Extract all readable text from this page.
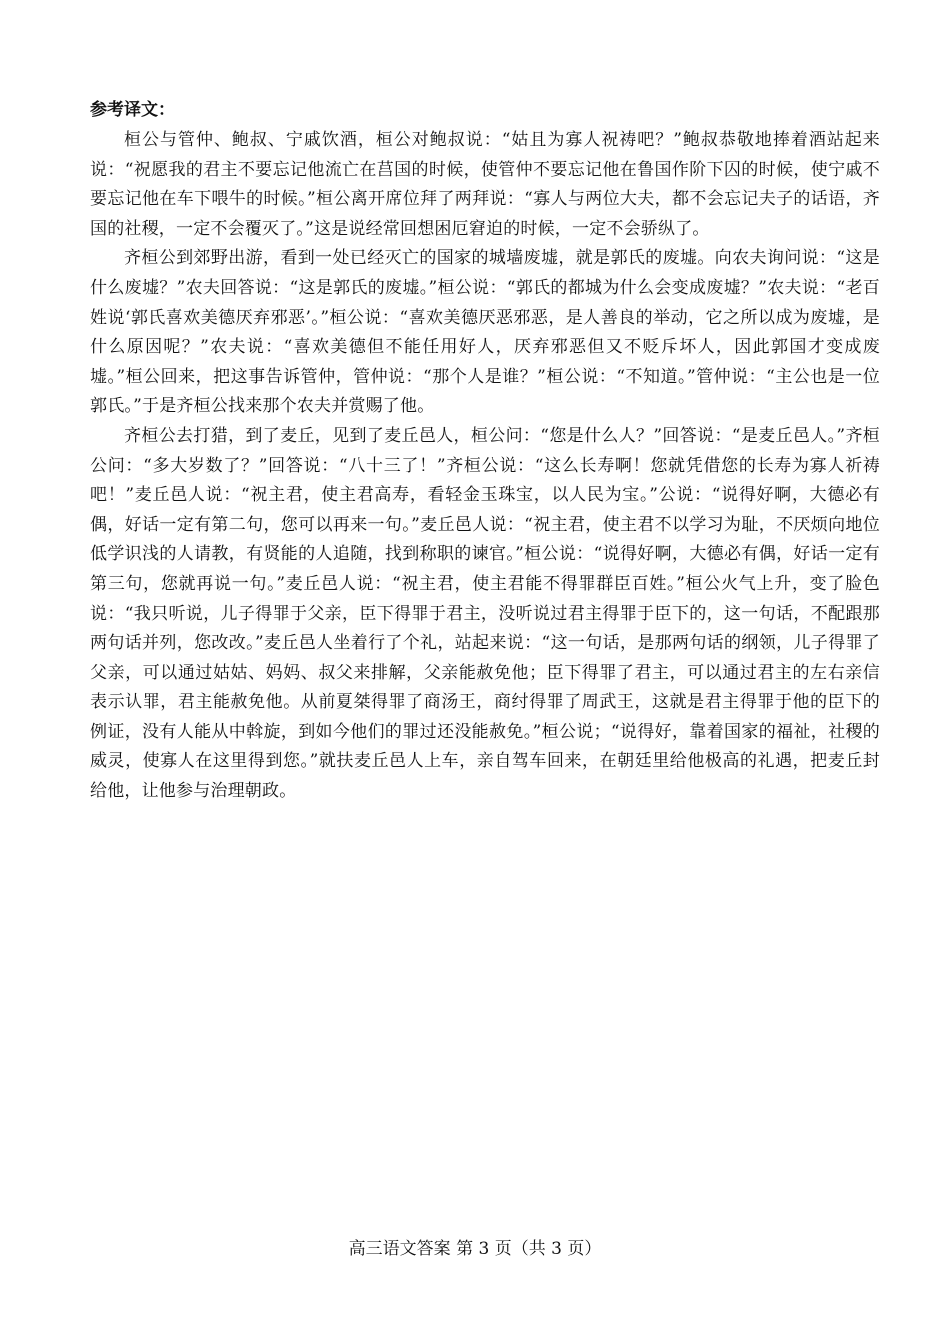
参考译文：

桓公与管仲、鲍叔、宁戚饮酒，桓公对鲍叔说：“姑且为寡人祝祷吧？”鲍叔恭敬地捧着酒站起来说：“祝愿我的君主不要忘记他流亡在莒国的时候，使管仲不要忘记他在鲁国作阶下囚的时候，使宁戚不要忘记他在车下喂牛的时候。”桓公离开席位拜了两拜说：“寡人与两位大夫，都不会忘记夫子的话语，齐国的社稷，一定不会覆灭了。”这是说经常回想困厄窘迫的时候，一定不会骄纵了。

齐桓公到郊野出游，看到一处已经灭亡的国家的城墙废墟，就是郭氏的废墟。向农夫询问说：“这是什么废墟？”农夫回答说：“这是郭氏的废墟。”桓公说：“郭氏的都城为什么会变成废墟？”农夫说：“老百姓说‘郭氏喜欢美德厌弃邪恶’。”桓公说：“喜欢美德厌恶邪恶，是人善良的举动，它之所以成为废墟，是什么原因呢？”农夫说：“喜欢美德但不能任用好人，厌弃邪恶但又不贬斥坏人，因此郭国才变成废墟。”桓公回来，把这事告诉管仲，管仲说：“那个人是谁？”桓公说：“不知道。”管仲说：“主公也是一位郭氏。”于是齐桓公找来那个农夫并赏赐了他。

齐桓公去打猎，到了麦丘，见到了麦丘邑人，桓公问：“您是什么人？”回答说：“是麦丘邑人。”齐桓公问：“多大岁数了？”回答说：“八十三了！”齐桓公说：“这么长寿啊！您就凭借您的长寿为寡人祈祷吧！”麦丘邑人说：“祝主君，使主君高寿，看轻金玉珠宝，以人民为宝。”公说：“说得好啊，大德必有偶，好话一定有第二句，您可以再来一句。”麦丘邑人说：“祝主君，使主君不以学习为耻，不厌烦向地位低学识浅的人请教，有贤能的人追随，找到称职的谏官。”桓公说：“说得好啊，大德必有偶，好话一定有第三句，您就再说一句。”麦丘邑人说：“祝主君，使主君能不得罪群臣百姓。”桓公火气上升，变了脸色说：“我只听说，儿子得罪于父亲，臣下得罪于君主，没听说过君主得罪于臣下的，这一句话，不配跟那两句话并列，您改改。”麦丘邑人坐着行了个礼，站起来说：“这一句话，是那两句话的纲领，儿子得罪了父亲，可以通过姑姑、妈妈、叔父来排解，父亲能赦免他；臣下得罪了君主，可以通过君主的左右亲信表示认罪，君主能赦免他。从前夏桀得罪了商汤王，商纣得罪了周武王，这就是君主得罪于他的臣下的例证，没有人能从中斡旋，到如今他们的罪过还没能赦免。”桓公说；“说得好，靠着国家的福祉，社稷的威灵，使寡人在这里得到您。”就扶麦丘邑人上车，亲自驾车回来，在朝廷里给他极高的礼遇，把麦丘封给他，让他参与治理朝政。

高三语文答案 第 3 页（共 3 页）
